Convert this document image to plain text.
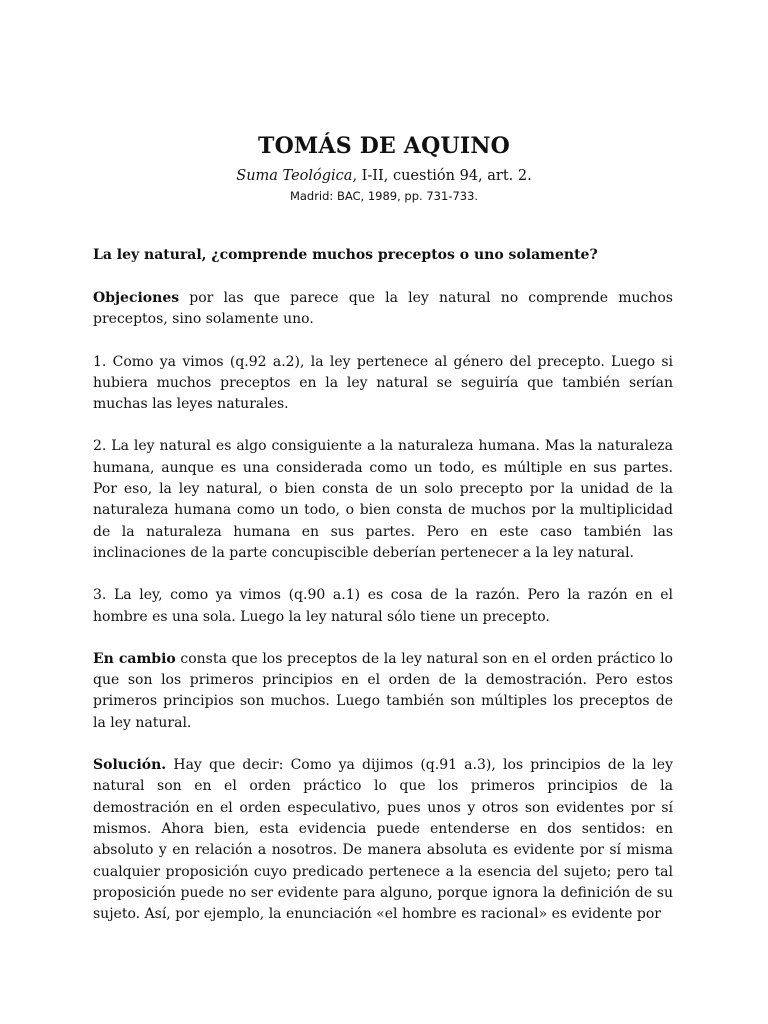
TOMÁS DE AQUINO
Suma Teológica, I-II, cuestión 94, art. 2.
Madrid: BAC, 1989, pp. 731-733.
La ley natural, ¿comprende muchos preceptos o uno solamente?

Objeciones por las que parece que la ley natural no comprende muchos preceptos, sino solamente uno.

1. Como ya vimos (q.92 a.2), la ley pertenece al género del precepto. Luego si hubiera muchos preceptos en la ley natural se seguiría que también serían muchas las leyes naturales.

2. La ley natural es algo consiguiente a la naturaleza humana. Mas la naturaleza humana, aunque es una considerada como un todo, es múltiple en sus partes. Por eso, la ley natural, o bien consta de un solo precepto por la unidad de la naturaleza humana como un todo, o bien consta de muchos por la multiplicidad de la naturaleza humana en sus partes. Pero en este caso también las inclinaciones de la parte concupiscible deberían pertenecer a la ley natural.

3. La ley, como ya vimos (q.90 a.1) es cosa de la razón. Pero la razón en el hombre es una sola. Luego la ley natural sólo tiene un precepto.

En cambio consta que los preceptos de la ley natural son en el orden práctico lo que son los primeros principios en el orden de la demostración. Pero estos primeros principios son muchos. Luego también son múltiples los preceptos de la ley natural.

Solución. Hay que decir: Como ya dijimos (q.91 a.3), los principios de la ley natural son en el orden práctico lo que los primeros principios de la demostración en el orden especulativo, pues unos y otros son evidentes por sí mismos. Ahora bien, esta evidencia puede entenderse en dos sentidos: en absoluto y en relación a nosotros. De manera absoluta es evidente por sí misma cualquier proposición cuyo predicado pertenece a la esencia del sujeto; pero tal proposición puede no ser evidente para alguno, porque ignora la definición de su sujeto. Así, por ejemplo, la enunciación «el hombre es racional» es evidente por
